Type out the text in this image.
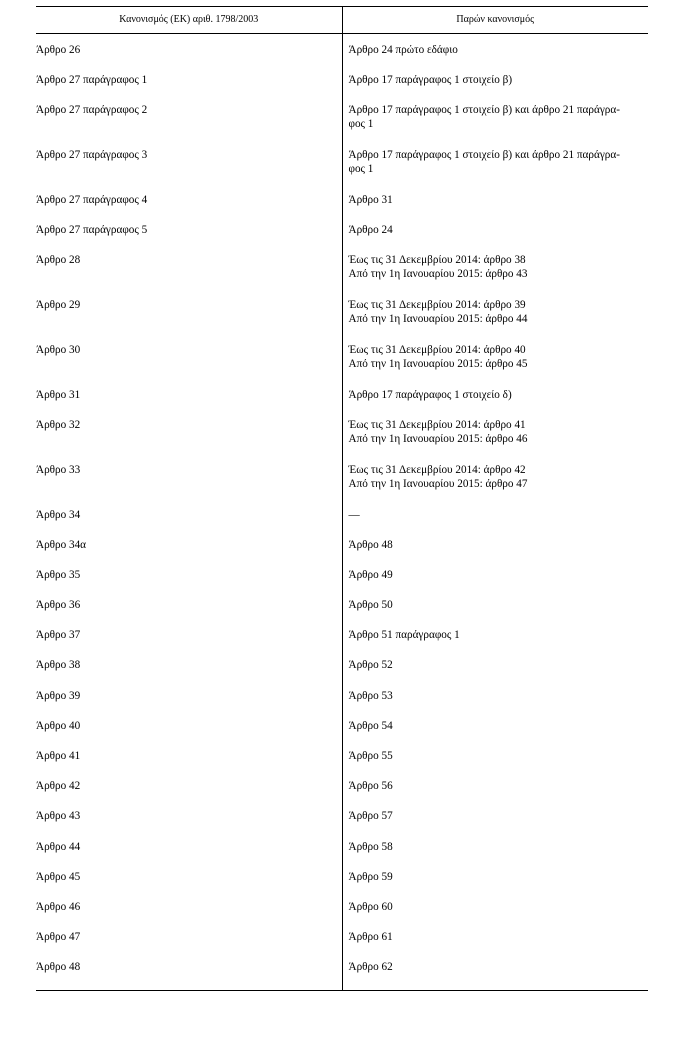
Κανονισμός (ΕΚ) αριθ. 1798/2003	Παρών κανονισμός
Άρθρο 26	Άρθρο 24 πρώτο εδάφιο

Άρθρο 27 παράγραφος 1	Άρθρο 17 παράγραφος 1 στοιχείο β)

Άρθρο 27 παράγραφος 2	Άρθρο 17 παράγραφος 1 στοιχείο β) και άρθρο 21 παράγρα-
φος 1

Άρθρο 27 παράγραφος 3	Άρθρο 17 παράγραφος 1 στοιχείο β) και άρθρο 21 παράγρα-
φος 1

Άρθρο 27 παράγραφος 4	Άρθρο 31

Άρθρο 27 παράγραφος 5	Άρθρο 24

Άρθρο 28	Έως τις 31 Δεκεμβρίου 2014: άρθρο 38
Από την 1η Ιανουαρίου 2015: άρθρο 43

Άρθρο 29	Έως τις 31 Δεκεμβρίου 2014: άρθρο 39
Από την 1η Ιανουαρίου 2015: άρθρο 44

Άρθρο 30	Έως τις 31 Δεκεμβρίου 2014: άρθρο 40
Από την 1η Ιανουαρίου 2015: άρθρο 45

Άρθρο 31	Άρθρο 17 παράγραφος 1 στοιχείο δ)

Άρθρο 32	Έως τις 31 Δεκεμβρίου 2014: άρθρο 41
Από την 1η Ιανουαρίου 2015: άρθρο 46

Άρθρο 33	Έως τις 31 Δεκεμβρίου 2014: άρθρο 42
Από την 1η Ιανουαρίου 2015: άρθρο 47

Άρθρο 34	—

Άρθρο 34α	Άρθρο 48

Άρθρο 35	Άρθρο 49

Άρθρο 36	Άρθρο 50

Άρθρο 37	Άρθρο 51 παράγραφος 1

Άρθρο 38	Άρθρο 52

Άρθρο 39	Άρθρο 53

Άρθρο 40	Άρθρο 54

Άρθρο 41	Άρθρο 55

Άρθρο 42	Άρθρο 56

Άρθρο 43	Άρθρο 57

Άρθρο 44	Άρθρο 58

Άρθρο 45	Άρθρο 59

Άρθρο 46	Άρθρο 60

Άρθρο 47	Άρθρο 61

Άρθρο 48	Άρθρο 62
